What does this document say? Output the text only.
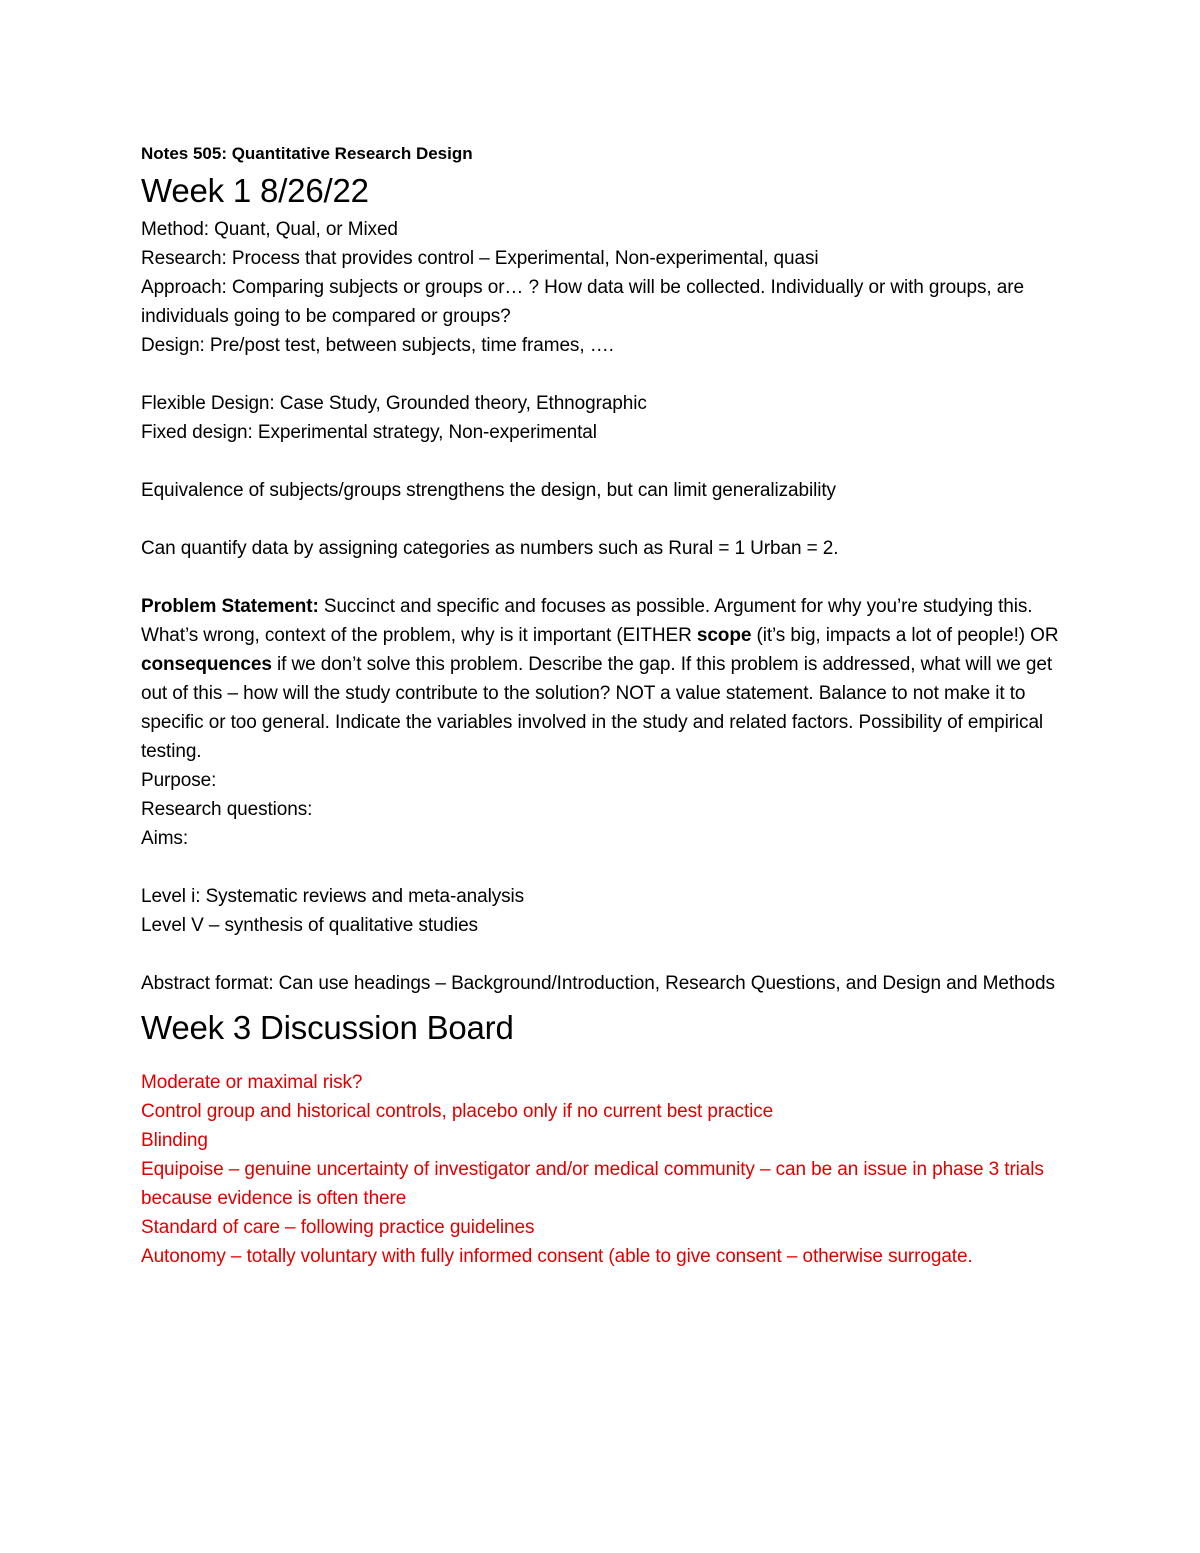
Notes 505: Quantitative Research Design

Week 1 8/26/22

Method: Quant, Qual, or Mixed

Research: Process that provides control – Experimental, Non-experimental, quasi

Approach: Comparing subjects or groups or… ? How data will be collected. Individually or with groups, are individuals going to be compared or groups?

Design: Pre/post test, between subjects, time frames, ….

Flexible Design: Case Study, Grounded theory, Ethnographic

Fixed design: Experimental strategy, Non-experimental

Equivalence of subjects/groups strengthens the design, but can limit generalizability

Can quantify data by assigning categories as numbers such as Rural = 1 Urban = 2.

Problem Statement: Succinct and specific and focuses as possible. Argument for why you’re studying this. What’s wrong, context of the problem, why is it important (EITHER scope (it’s big, impacts a lot of people!) OR consequences if we don’t solve this problem. Describe the gap. If this problem is addressed, what will we get out of this – how will the study contribute to the solution? NOT a value statement. Balance to not make it to specific or too general. Indicate the variables involved in the study and related factors. Possibility of empirical testing.

Purpose:

Research questions:

Aims:

Level i: Systematic reviews and meta-analysis

Level V – synthesis of qualitative studies

Abstract format: Can use headings – Background/Introduction, Research Questions, and Design and Methods

Week 3 Discussion Board

Moderate or maximal risk?

Control group and historical controls, placebo only if no current best practice

Blinding

Equipoise – genuine uncertainty of investigator and/or medical community – can be an issue in phase 3 trials because evidence is often there

Standard of care – following practice guidelines

Autonomy – totally voluntary with fully informed consent (able to give consent – otherwise surrogate.
